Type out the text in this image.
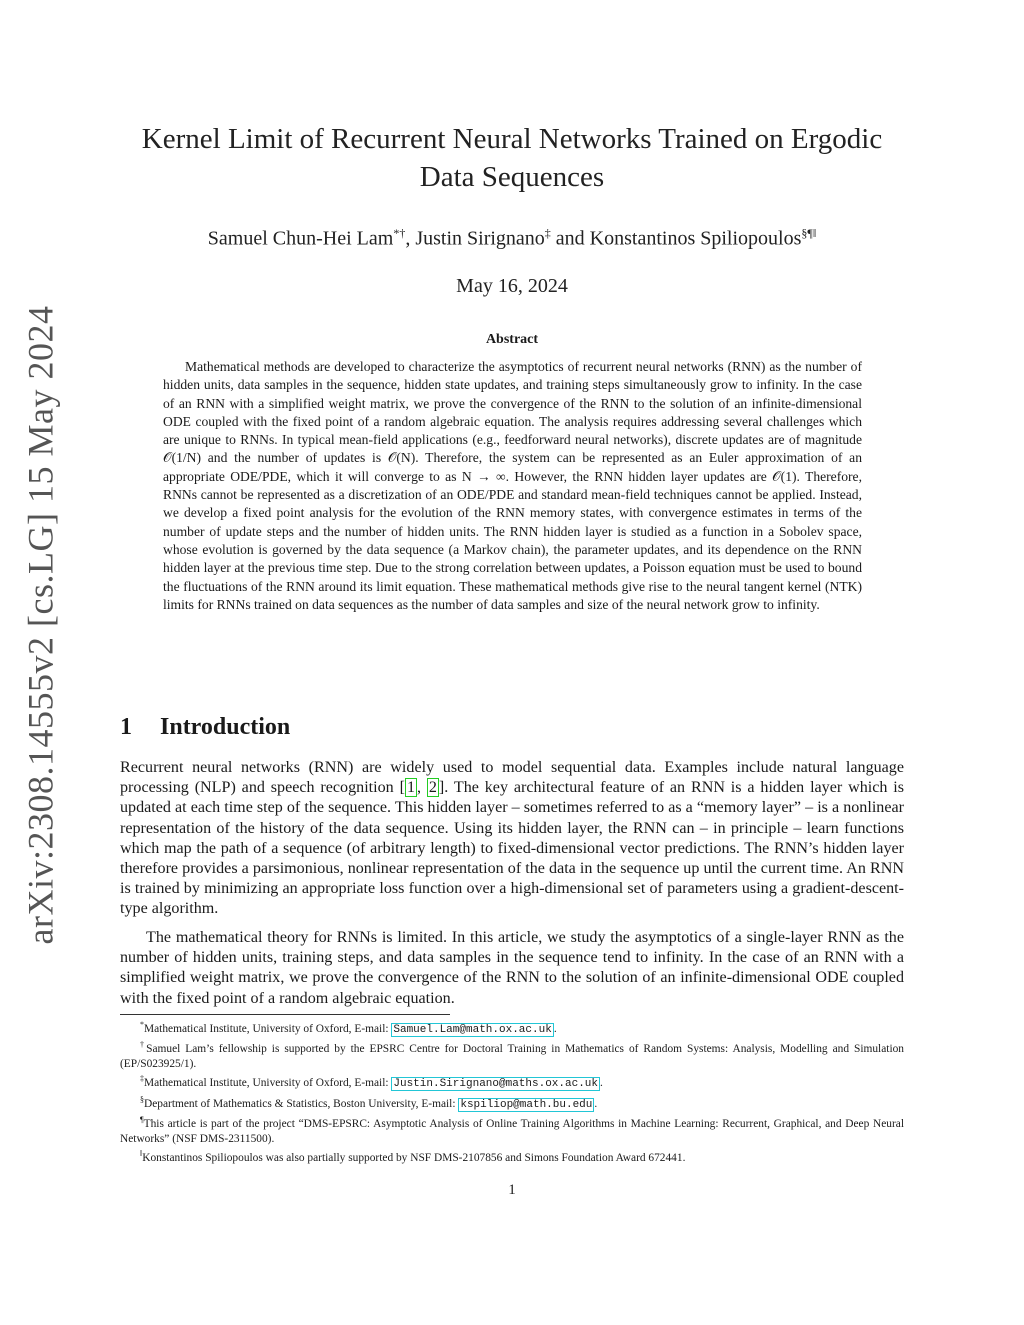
arXiv:2308.14555v2 [cs.LG] 15 May 2024
Kernel Limit of Recurrent Neural Networks Trained on Ergodic Data Sequences
Samuel Chun-Hei Lam*†, Justin Sirignano‡ and Konstantinos Spiliopoulos§¶‖
May 16, 2024
Abstract

Mathematical methods are developed to characterize the asymptotics of recurrent neural networks (RNN) as the number of hidden units, data samples in the sequence, hidden state updates, and training steps simultaneously grow to infinity. In the case of an RNN with a simplified weight matrix, we prove the convergence of the RNN to the solution of an infinite-dimensional ODE coupled with the fixed point of a random algebraic equation. The analysis requires addressing several challenges which are unique to RNNs. In typical mean-field applications (e.g., feedforward neural networks), discrete updates are of magnitude 𝒪(1/N) and the number of updates is 𝒪(N). Therefore, the system can be represented as an Euler approximation of an appropriate ODE/PDE, which it will converge to as N → ∞. However, the RNN hidden layer updates are 𝒪(1). Therefore, RNNs cannot be represented as a discretization of an ODE/PDE and standard mean-field techniques cannot be applied. Instead, we develop a fixed point analysis for the evolution of the RNN memory states, with convergence estimates in terms of the number of update steps and the number of hidden units. The RNN hidden layer is studied as a function in a Sobolev space, whose evolution is governed by the data sequence (a Markov chain), the parameter updates, and its dependence on the RNN hidden layer at the previous time step. Due to the strong correlation between updates, a Poisson equation must be used to bound the fluctuations of the RNN around its limit equation. These mathematical methods give rise to the neural tangent kernel (NTK) limits for RNNs trained on data sequences as the number of data samples and size of the neural network grow to infinity.

1 Introduction

Recurrent neural networks (RNN) are widely used to model sequential data. Examples include natural language processing (NLP) and speech recognition [ 1 , 2 ]. The key architectural feature of an RNN is a hidden layer which is updated at each time step of the sequence. This hidden layer – sometimes referred to as a “memory layer” – is a nonlinear representation of the history of the data sequence. Using its hidden layer, the RNN can – in principle – learn functions which map the path of a sequence (of arbitrary length) to fixed-dimensional vector predictions. The RNN’s hidden layer therefore provides a parsimonious, nonlinear representation of the data in the sequence up until the current time. An RNN is trained by minimizing an appropriate loss function over a high-dimensional set of parameters using a gradient-descent-type algorithm.

The mathematical theory for RNNs is limited. In this article, we study the asymptotics of a single-layer RNN as the number of hidden units, training steps, and data samples in the sequence tend to infinity. In the case of an RNN with a simplified weight matrix, we prove the convergence of the RNN to the solution of an infinite-dimensional ODE coupled with the fixed point of a random algebraic equation.

*Mathematical Institute, University of Oxford, E-mail: Samuel.Lam@math.ox.ac.uk .

†Samuel Lam’s fellowship is supported by the EPSRC Centre for Doctoral Training in Mathematics of Random Systems: Analysis, Modelling and Simulation (EP/S023925/1).

‡Mathematical Institute, University of Oxford, E-mail: Justin.Sirignano@maths.ox.ac.uk .

§Department of Mathematics & Statistics, Boston University, E-mail: kspiliop@math.bu.edu .

¶This article is part of the project “DMS-EPSRC: Asymptotic Analysis of Online Training Algorithms in Machine Learning: Recurrent, Graphical, and Deep Neural Networks” (NSF DMS-2311500).

‖Konstantinos Spiliopoulos was also partially supported by NSF DMS-2107856 and Simons Foundation Award 672441.

1
